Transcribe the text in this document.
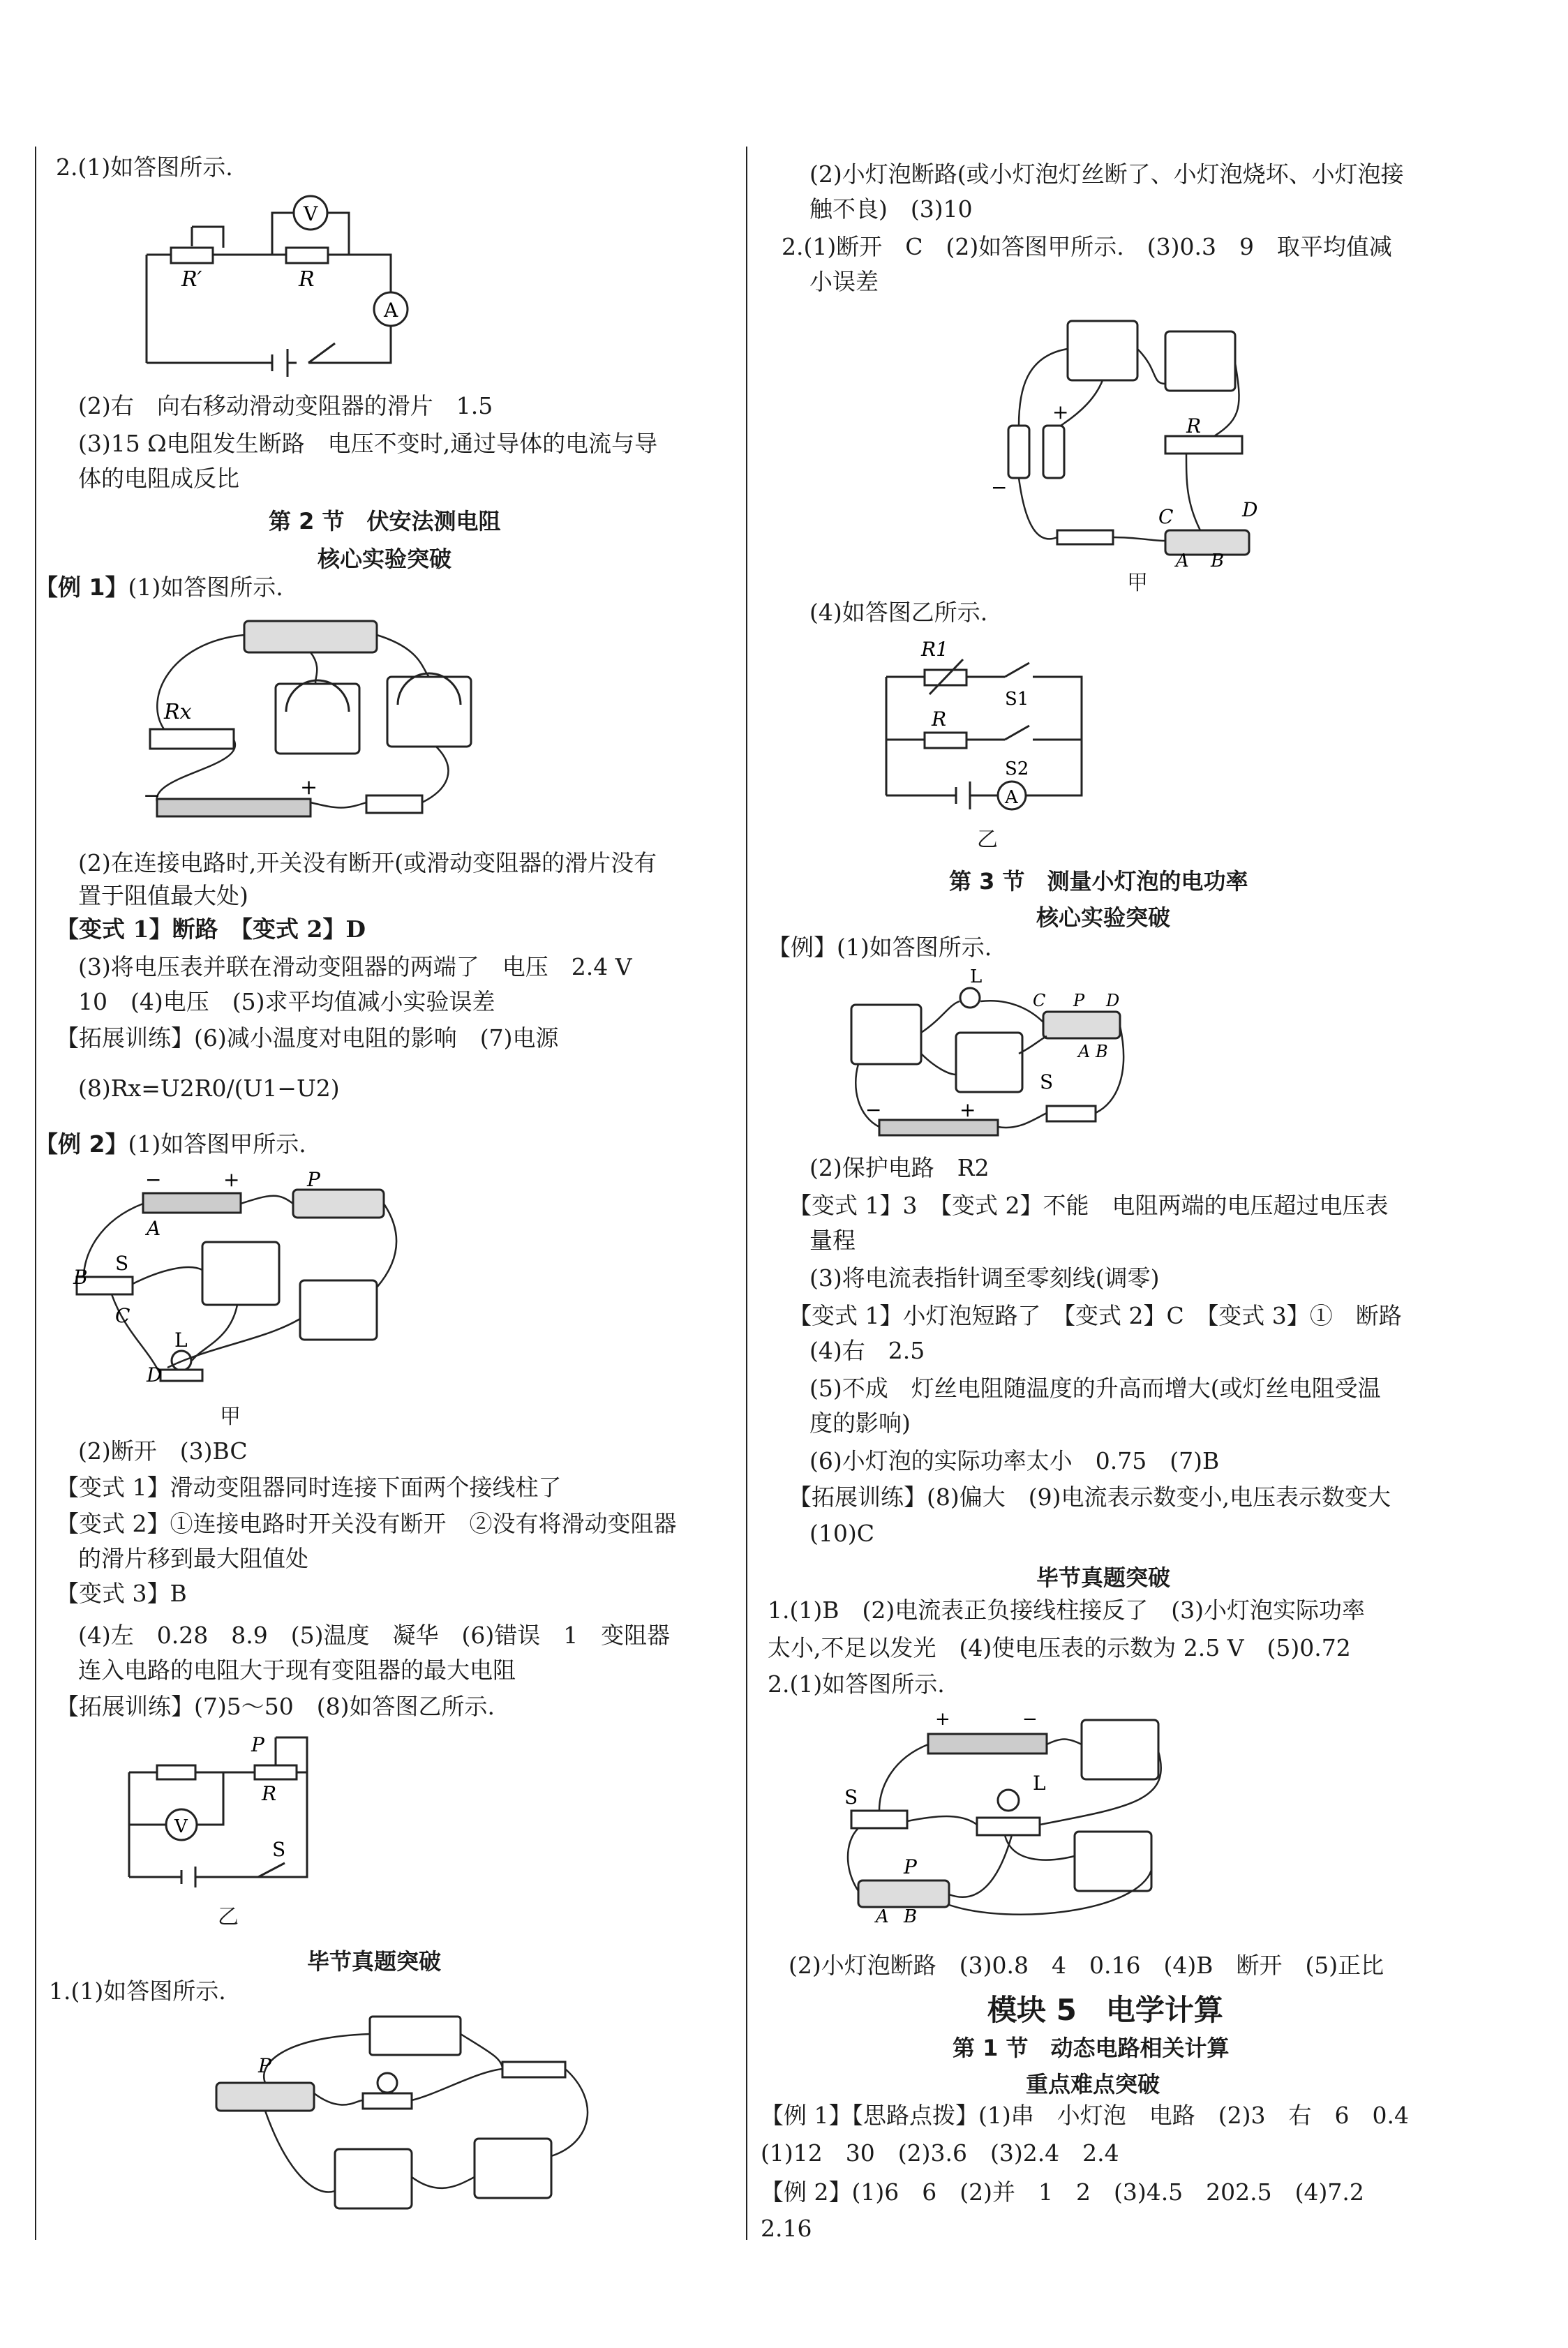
2.(1)如答图所示.
V
A
R′	R
(2)右　向右移动滑动变阻器的滑片　1.5
(3)15 Ω电阻发生断路　电压不变时,通过导体的电流与导
体的电阻成反比
第 2 节　伏安法测电阻
核心实验突破
【例 1】(1)如答图所示.
Rx
−	+
(2)在连接电路时,开关没有断开(或滑动变阻器的滑片没有
置于阻值最大处)
【变式 1】断路　【变式 2】D
(3)将电压表并联在滑动变阻器的两端了　电压　2.4 V
10　(4)电压　(5)求平均值减小实验误差
【拓展训练】(6)减小温度对电阻的影响　(7)电源
(8)Rx=U2R0/(U1−U2)
【例 2】(1)如答图甲所示.
−	+	P
A
S
B
C
L
D
甲
(2)断开　(3)BC
【变式 1】滑动变阻器同时连接下面两个接线柱了
【变式 2】①连接电路时开关没有断开　②没有将滑动变阻器
的滑片移到最大阻值处
【变式 3】B
(4)左　0.28　8.9　(5)温度　凝华　(6)错误　1　变阻器
连入电路的电阻大于现有变阻器的最大电阻
【拓展训练】(7)5～50　(8)如答图乙所示.
V
P
R
S
乙
毕节真题突破
1.(1)如答图所示.
P
(2)小灯泡断路(或小灯泡灯丝断了、小灯泡烧坏、小灯泡接
触不良)　(3)10
2.(1)断开　C　(2)如答图甲所示.　(3)0.3　9　取平均值减
小误差
+
−
R
C	D
A B
甲
(4)如答图乙所示.
R1
R
S1
S2
A
乙
第 3 节　测量小灯泡的电功率
核心实验突破
【例】(1)如答图所示.
L
C P D
A B
S
−	+
(2)保护电路　R2
【变式 1】3　【变式 2】不能　电阻两端的电压超过电压表
量程
(3)将电流表指针调至零刻线(调零)
【变式 1】小灯泡短路了　【变式 2】C　【变式 3】①　断路
(4)右　2.5
(5)不成　灯丝电阻随温度的升高而增大(或灯丝电阻受温
度的影响)
(6)小灯泡的实际功率太小　0.75　(7)B
【拓展训练】(8)偏大　(9)电流表示数变小,电压表示数变大
(10)C
毕节真题突破
1.(1)B　(2)电流表正负接线柱接反了　(3)小灯泡实际功率
太小,不足以发光　(4)使电压表的示数为 2.5 V　(5)0.72
2.(1)如答图所示.
+	−
S
L
P
A B
(2)小灯泡断路　(3)0.8　4　0.16　(4)B　断开　(5)正比
模块 5　电学计算
第 1 节　动态电路相关计算
重点难点突破
【例 1】【思路点拨】(1)串　小灯泡　电路　(2)3　右　6　0.4
(1)12　30　(2)3.6　(3)2.4　2.4
【例 2】(1)6　6　(2)并　1　2　(3)4.5　202.5　(4)7.2
2.16
